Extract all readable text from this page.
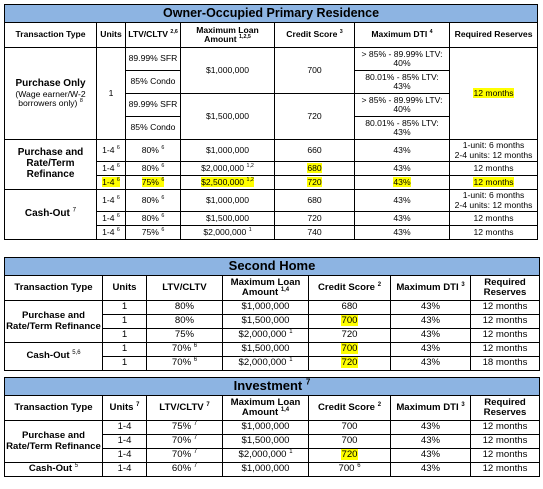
Owner-Occupied Primary Residence						
Transaction Type	Units	LTV/CLTV $^{2,6}$	Maximum Loan Amount $^{1,2,5}$	Credit Score $^3$	Maximum DTI $^4$	Required Reserves
Purchase Only
(Wage earner/W-2 borrowers only) $^8$	1	89.99% SFR	$1,000,000	700	> 85% - 89.99% LTV: 40%	12 months
		85% Condo			80.01% - 85% LTV: 43%	
		89.99% SFR	$1,500,000	720	> 85% - 89.99% LTV: 40%	
		85% Condo			80.01% - 85% LTV: 43%	
Purchase and Rate/Term Refinance	1-4 $^6$	80% $^6$	$1,000,000	660	43%	1-unit: 6 months
2-4 units: 12 months
	1-4 $^6$	80% $^6$	$2,000,000 $^{1,2}$	680	43%	12 months
	1-4 $^6$	75% $^6$	$2,500,000 $^{1,2}$	720	43%	12 months
Cash-Out $^7$	1-4 $^6$	80% $^6$	$1,000,000	680	43%	1-unit: 6 months
2-4 units: 12 months
	1-4 $^6$	80% $^6$	$1,500,000	720	43%	12 months
	1-4 $^6$	75% $^6$	$2,000,000 $^1$	740	43%	12 months
Second Home						
Transaction Type	Units	LTV/CLTV	Maximum Loan Amount $^{1,4}$	Credit Score $^2$	Maximum DTI $^3$	Required Reserves
Purchase and Rate/Term Refinance	1	80%	$1,000,000	680	43%	12 months
	1	80%	$1,500,000	700	43%	12 months
	1	75%	$2,000,000 $^1$	720	43%	12 months
Cash-Out $^{5,6}$	1	70% $^6$	$1,500,000	700	43%	12 months
	1	70% $^6$	$2,000,000 $^1$	720	43%	18 months
Investment $^7$
Transaction Type	Units $^7$	LTV/CLTV $^7$	Maximum Loan Amount $^{1,4}$	Credit Score $^2$	Maximum DTI $^3$	Required Reserves
Purchase and Rate/Term Refinance	1-4	75% $^7$	$1,000,000	700	43%	12 months
	1-4	70% $^7$	$1,500,000	700	43%	12 months
	1-4	70% $^7$	$2,000,000 $^1$	720	43%	12 months
Cash-Out $^5$	1-4	60% $^7$	$1,000,000	700 $^6$	43%	12 months
